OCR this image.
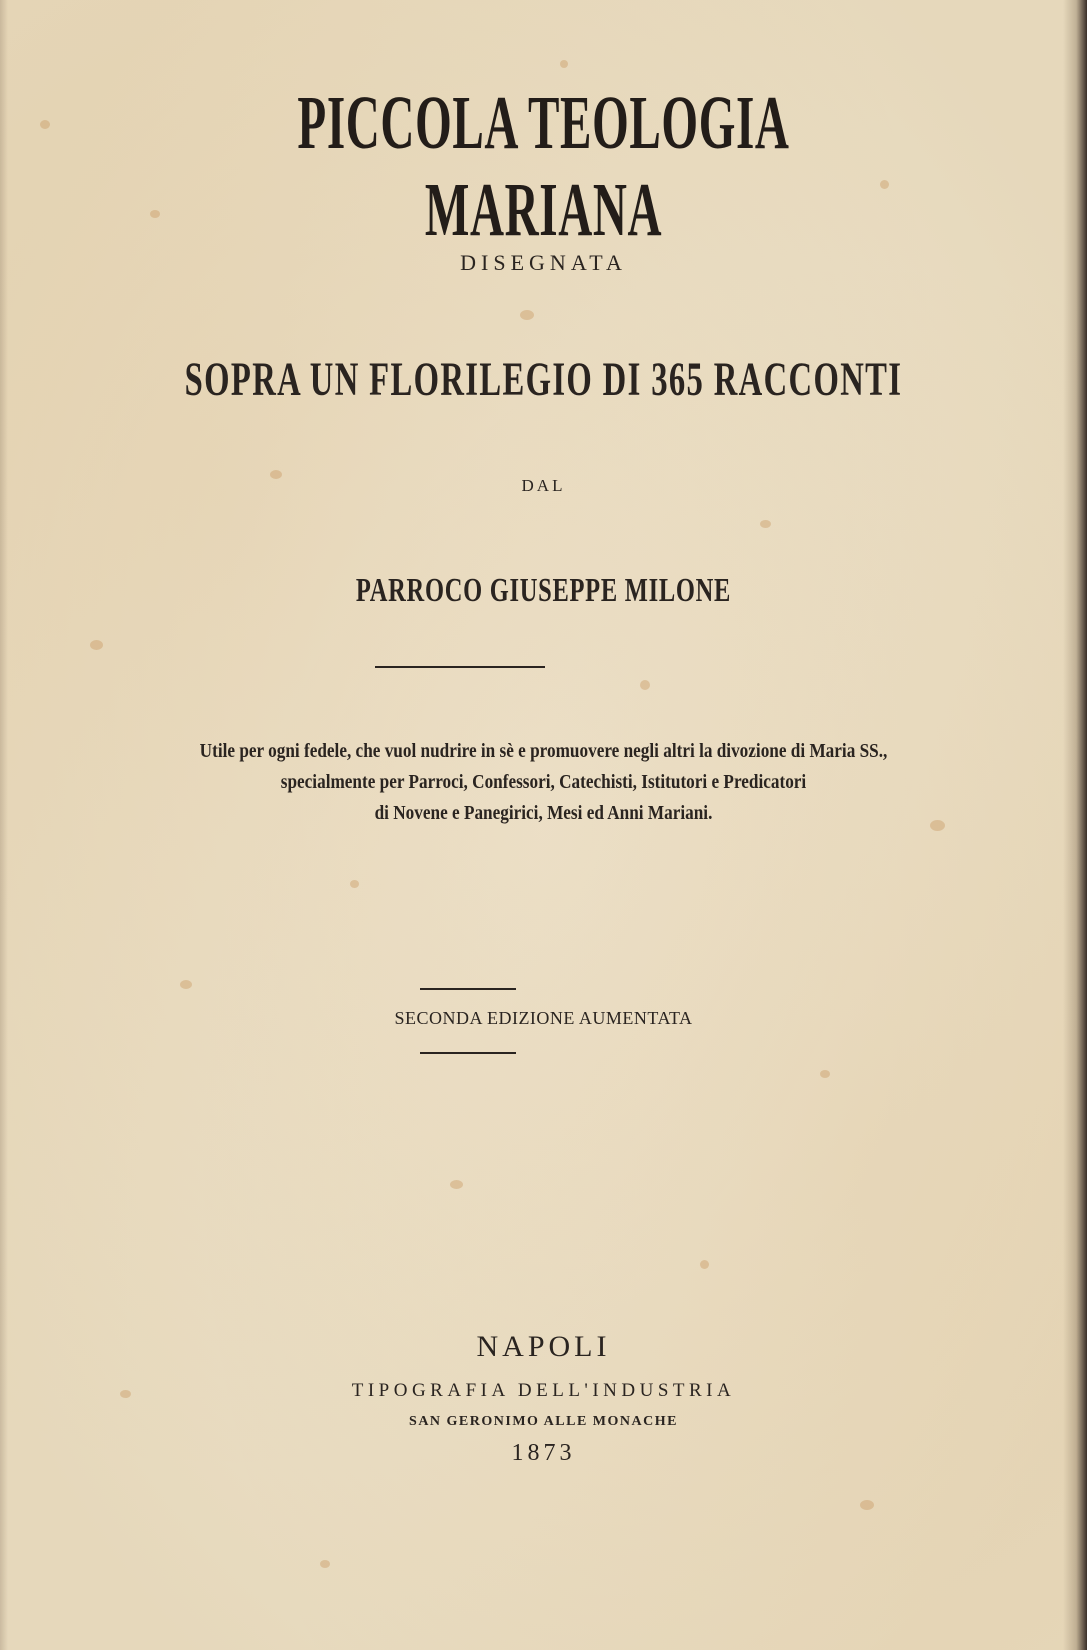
PICCOLA TEOLOGIA MARIANA
DISEGNATA
SOPRA UN FLORILEGIO DI 365 RACCONTI
DAL
PARROCO GIUSEPPE MILONE
Utile per ogni fedele, che vuol nudrire in sè e promuovere negli altri la divozione di Maria SS.,
specialmente per Parroci, Confessori, Catechisti, Istitutori e Predicatori
di Novene e Panegirici, Mesi ed Anni Mariani.
SECONDA EDIZIONE AUMENTATA
NAPOLI
TIPOGRAFIA DELL'INDUSTRIA
SAN GERONIMO ALLE MONACHE
1873
